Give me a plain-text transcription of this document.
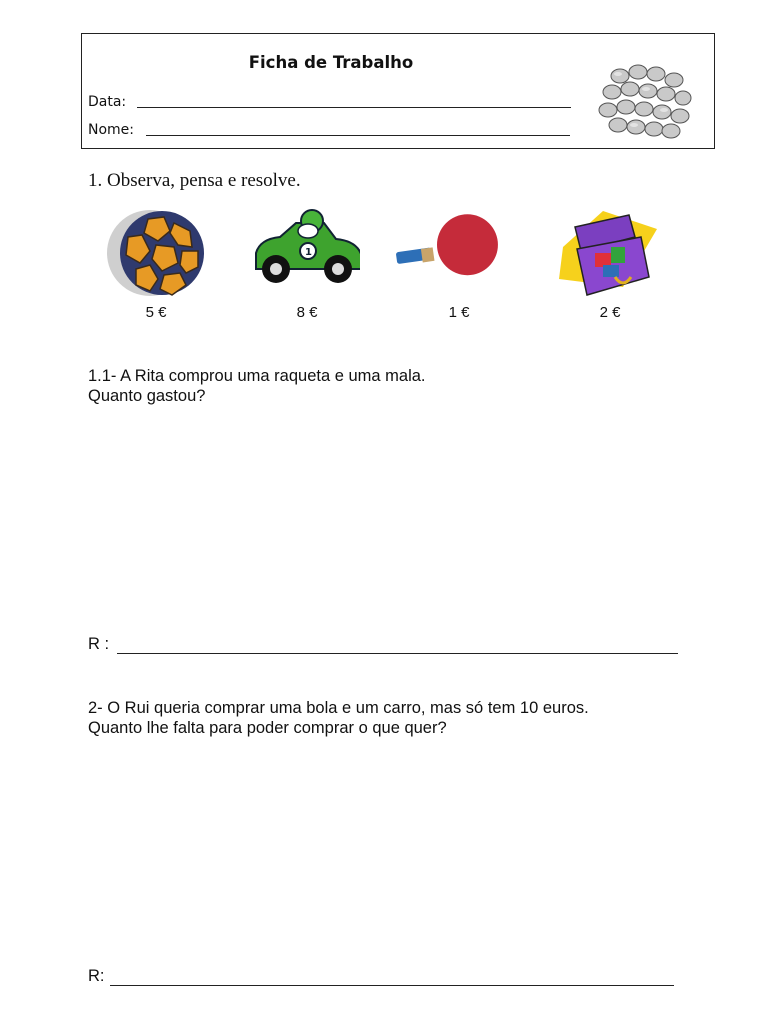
Ficha de Trabalho
Data:
Nome:
1. Observa, pensa e resolve.
5 €
1
8 €	1 €	2 €
1.1- A Rita comprou uma raqueta e uma mala.
Quanto gastou?
R :
2- O Rui queria comprar uma bola e um carro, mas só tem 10 euros.
Quanto lhe falta para poder comprar o que quer?
R:
